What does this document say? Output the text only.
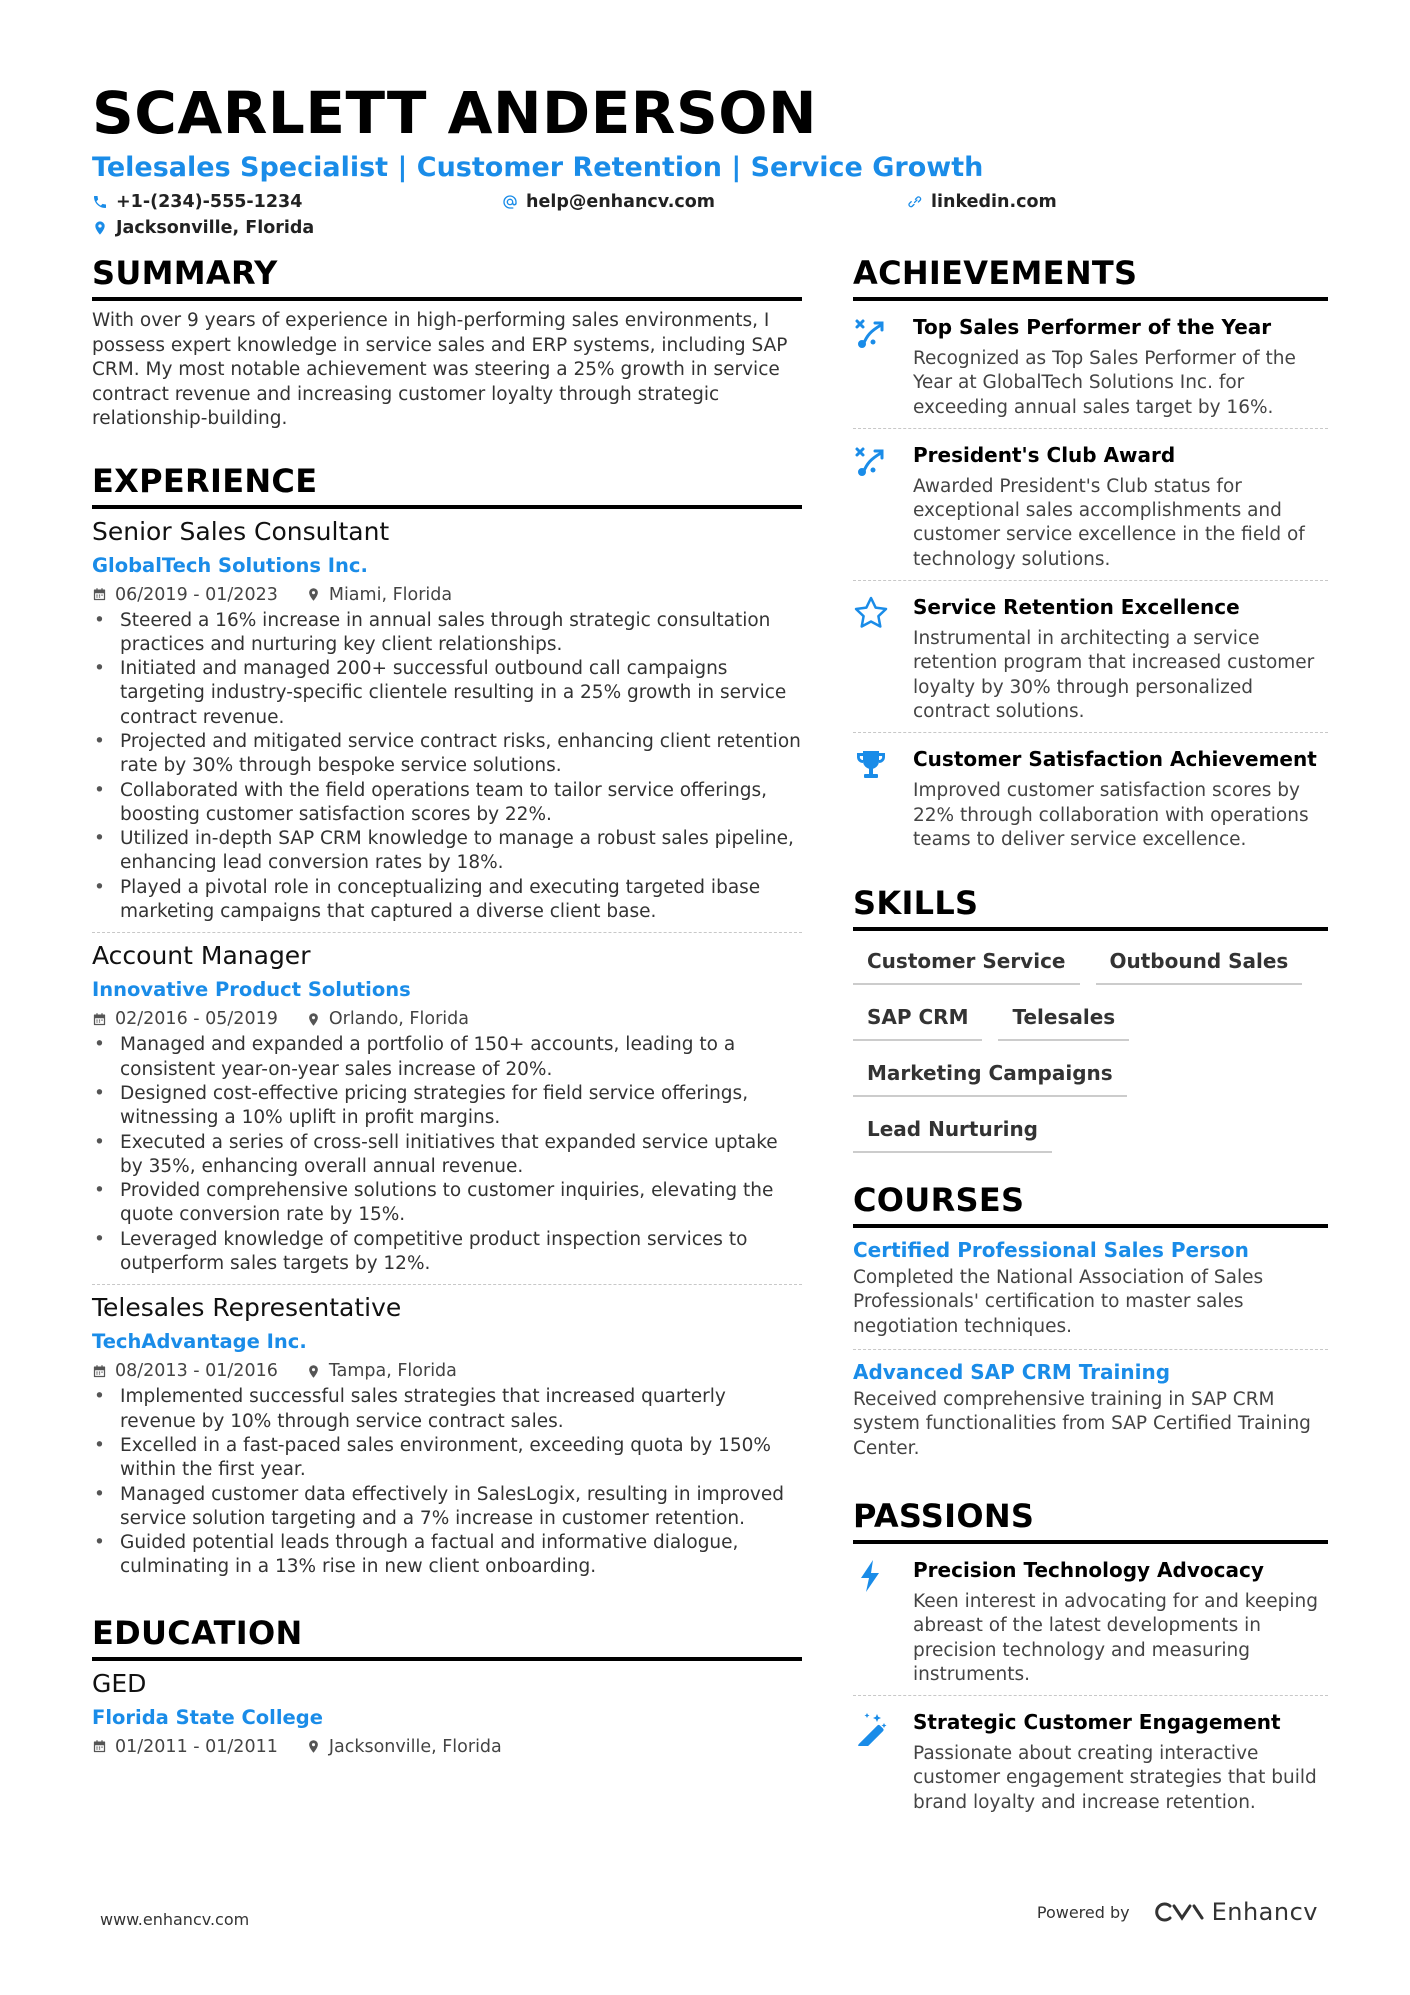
SCARLETT ANDERSON
Telesales Specialist | Customer Retention | Service Growth
+1-(234)-555-1234	help@enhancv.com	linkedin.com
Jacksonville, Florida
SUMMARY
With over 9 years of experience in high-performing sales environments, I possess expert knowledge in service sales and ERP systems, including SAP CRM. My most notable achievement was steering a 25% growth in service contract revenue and increasing customer loyalty through strategic relationship-building.
EXPERIENCE
Senior Sales Consultant
GlobalTech Solutions Inc.
06/2019 - 01/2023	Miami, Florida
• Steered a 16% increase in annual sales through strategic consultation practices and nurturing key client relationships.
• Initiated and managed 200+ successful outbound call campaigns targeting industry-specific clientele resulting in a 25% growth in service contract revenue.
• Projected and mitigated service contract risks, enhancing client retention rate by 30% through bespoke service solutions.
• Collaborated with the field operations team to tailor service offerings, boosting customer satisfaction scores by 22%.
• Utilized in-depth SAP CRM knowledge to manage a robust sales pipeline, enhancing lead conversion rates by 18%.
• Played a pivotal role in conceptualizing and executing targeted ibase marketing campaigns that captured a diverse client base.
Account Manager
Innovative Product Solutions
02/2016 - 05/2019	Orlando, Florida
• Managed and expanded a portfolio of 150+ accounts, leading to a consistent year-on-year sales increase of 20%.
• Designed cost-effective pricing strategies for field service offerings, witnessing a 10% uplift in profit margins.
• Executed a series of cross-sell initiatives that expanded service uptake by 35%, enhancing overall annual revenue.
• Provided comprehensive solutions to customer inquiries, elevating the quote conversion rate by 15%.
• Leveraged knowledge of competitive product inspection services to outperform sales targets by 12%.
Telesales Representative
TechAdvantage Inc.
08/2013 - 01/2016	Tampa, Florida
• Implemented successful sales strategies that increased quarterly revenue by 10% through service contract sales.
• Excelled in a fast-paced sales environment, exceeding quota by 150% within the first year.
• Managed customer data effectively in SalesLogix, resulting in improved service solution targeting and a 7% increase in customer retention.
• Guided potential leads through a factual and informative dialogue, culminating in a 13% rise in new client onboarding.
EDUCATION
GED
Florida State College
01/2011 - 01/2011	Jacksonville, Florida
ACHIEVEMENTS
Top Sales Performer of the Year
Recognized as Top Sales Performer of the Year at GlobalTech Solutions Inc. for exceeding annual sales target by 16%.
President's Club Award
Awarded President's Club status for exceptional sales accomplishments and customer service excellence in the field of technology solutions.
Service Retention Excellence
Instrumental in architecting a service retention program that increased customer loyalty by 30% through personalized contract solutions.
Customer Satisfaction Achievement
Improved customer satisfaction scores by 22% through collaboration with operations teams to deliver service excellence.
SKILLS
Customer Service	Outbound Sales
SAP CRM	Telesales
Marketing Campaigns
Lead Nurturing
COURSES
Certified Professional Sales Person
Completed the National Association of Sales Professionals' certification to master sales negotiation techniques.
Advanced SAP CRM Training
Received comprehensive training in SAP CRM system functionalities from SAP Certified Training Center.
PASSIONS
Precision Technology Advocacy
Keen interest in advocating for and keeping abreast of the latest developments in precision technology and measuring instruments.
Strategic Customer Engagement
Passionate about creating interactive customer engagement strategies that build brand loyalty and increase retention.
www.enhancv.com	Powered by	Enhancv
